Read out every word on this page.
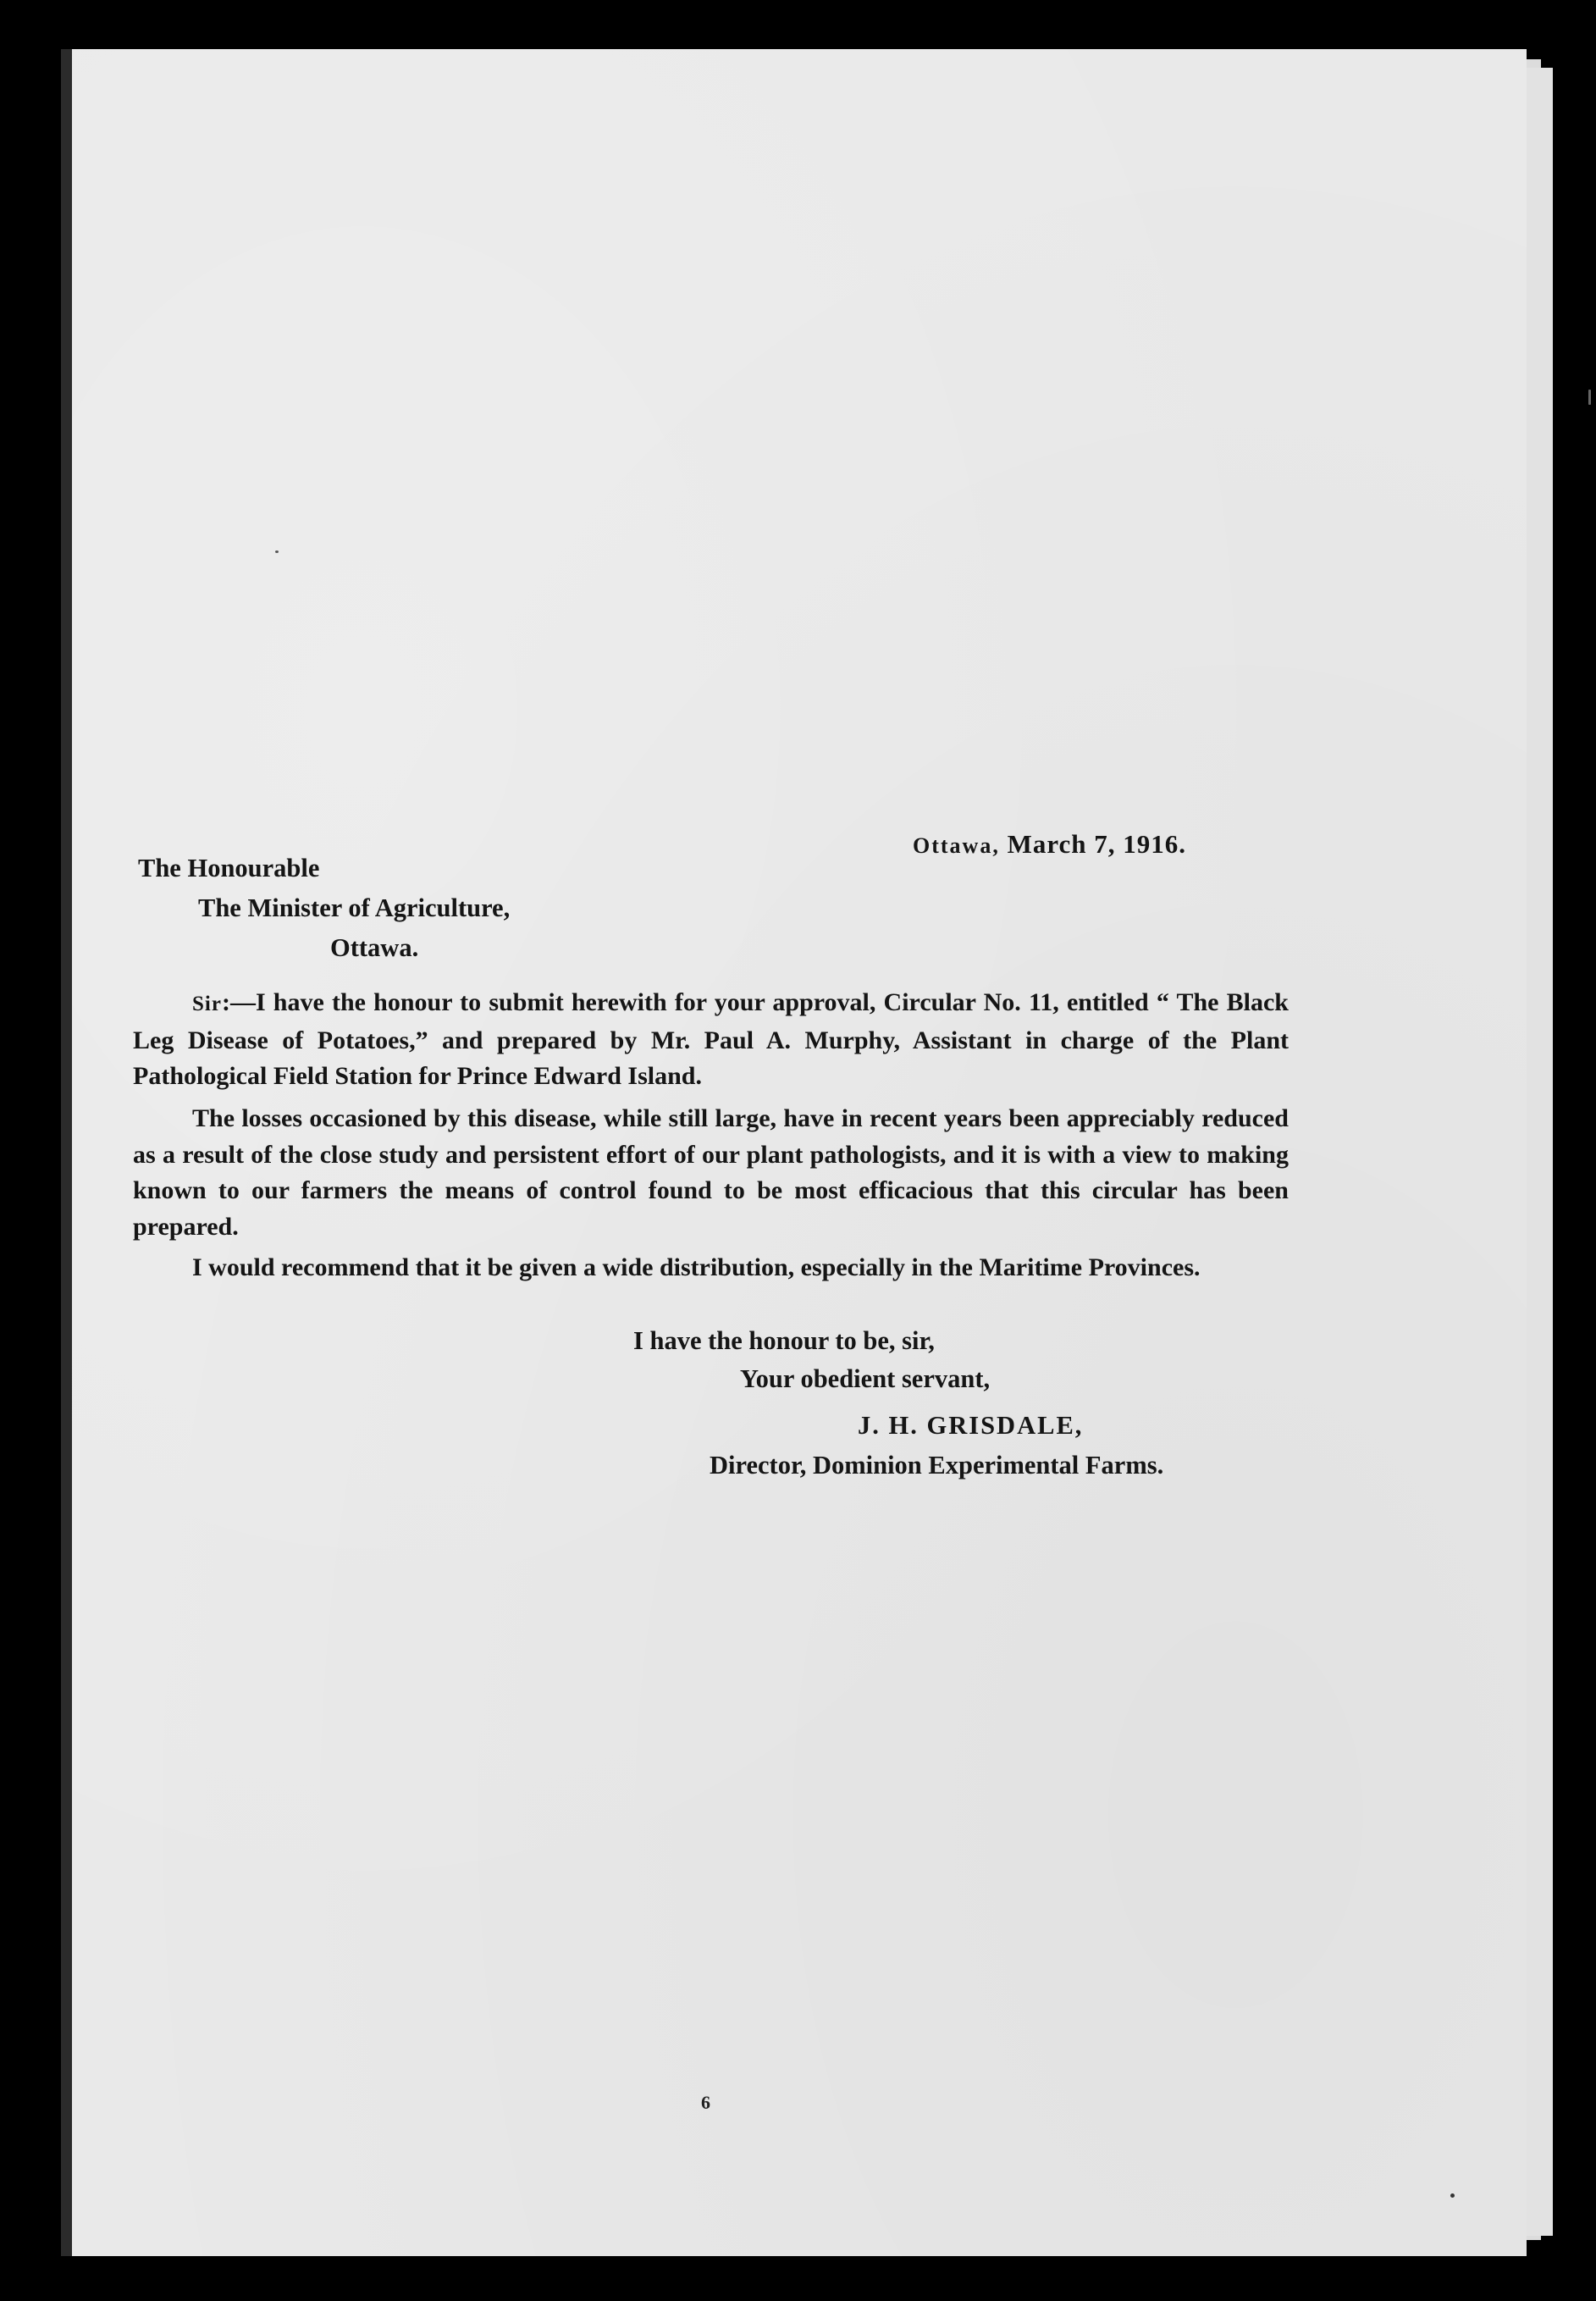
Ottawa, March 7, 1916.
The Honourable
The Minister of Agriculture,
Ottawa.
Sir:—I have the honour to submit herewith for your approval, Circular No. 11, entitled “ The Black Leg Disease of Potatoes,” and prepared by Mr. Paul A. Murphy, Assistant in charge of the Plant Pathological Field Station for Prince Edward Island.
The losses occasioned by this disease, while still large, have in recent years been appreciably reduced as a result of the close study and persistent effort of our plant pathologists, and it is with a view to making known to our farmers the means of control found to be most efficacious that this circular has been prepared.
I would recommend that it be given a wide distribution, especially in the Maritime Provinces.
I have the honour to be, sir,
Your obedient servant,
J. H. GRISDALE,
Director, Dominion Experimental Farms.
6
